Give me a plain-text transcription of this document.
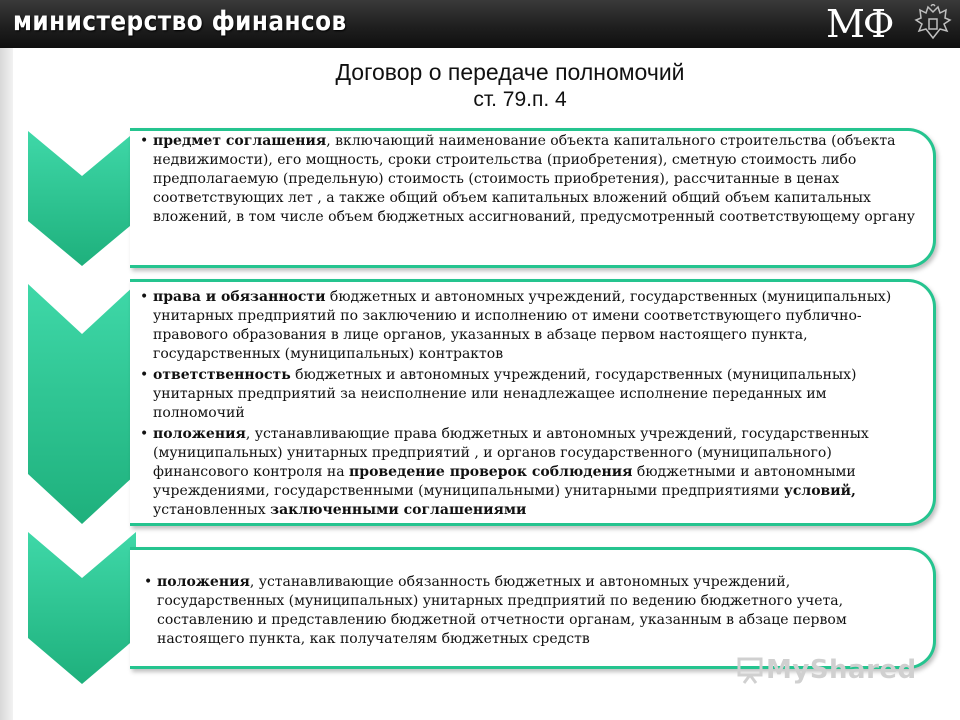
министерство финансов	МФ
Договор о передаче полномочий
ст. 79.п. 4
• предмет соглашения, включающий наименование объекта капитального строительства (объекта недвижимости), его мощность, сроки строительства (приобретения), сметную стоимость либо предполагаемую (предельную) стоимость (стоимость приобретения), рассчитанные в ценах соответствующих лет , а также общий объем капитальных вложений общий объем капитальных вложений, в том числе объем бюджетных ассигнований, предусмотренный соответствующему органу
• права и обязанности бюджетных и автономных учреждений, государственных (муниципальных) унитарных предприятий по заключению и исполнению от имени соответствующего публично-правового образования в лице органов, указанных в абзаце первом настоящего пункта, государственных (муниципальных) контрактов
• ответственность бюджетных и автономных учреждений, государственных (муниципальных) унитарных предприятий за неисполнение или ненадлежащее исполнение переданных им полномочий
• положения, устанавливающие права бюджетных и автономных учреждений, государственных (муниципальных) унитарных предприятий , и органов государственного (муниципального) финансового контроля на проведение проверок соблюдения бюджетными и автономными учреждениями, государственными (муниципальными) унитарными предприятиями условий, установленных заключенными соглашениями
• положения, устанавливающие обязанность бюджетных и автономных учреждений, государственных (муниципальных) унитарных предприятий по ведению бюджетного учета, составлению и представлению бюджетной отчетности органам, указанным в абзаце первом настоящего пункта, как получателям бюджетных средств
MyShared
